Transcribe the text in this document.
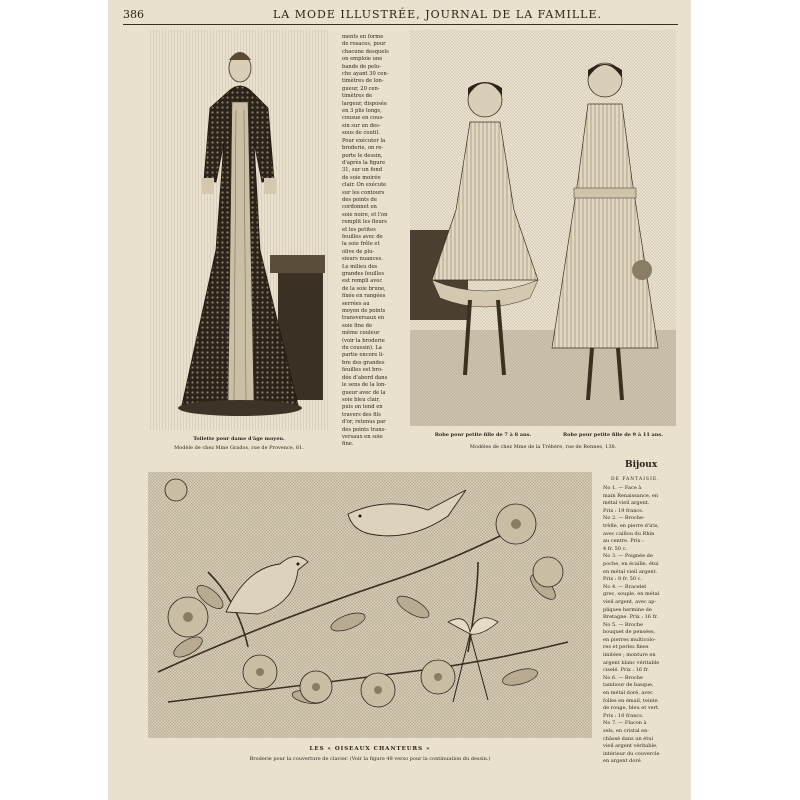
386	LA MODE ILLUSTRÉE, JOURNAL DE LA FAMILLE.
Toilette pour dame d'âge moyen.
Modèle de chez Mme Grados, rue de Provence, 61.
ments en forme
de rosaces, pour
chacune desquels
on emploie une
bande de pelu-
che ayant 30 cen-
timètres de lon-
gueur, 20 cen-
timètres de
largeur, disposée
en 3 plis longs,
cousue en cous-
sin sur un des-
sous de coutil.
Pour exécuter la
broderie, on re-
porte le dessin,
d'après la figure
31, sur un fond
de soie moirée
clair. On exécute
sur les contours
des points de
cordonnet en
soie noire, et l'on
remplit les fleurs
et les petites
feuilles avec de
la soie frêle et
olive de plu-
sieurs nuances.
Le milieu des
grandes feuilles
est rempli avec
de la soie brune,
fixée en rangées
serrées au
moyen de points
transversaux en
soie fine de
même couleur
(voir la broderie
du coussin). La
partie encore li-
bre des grandes
feuilles est bro-
dée d'abord dans
le sens de la lon-
gueur avec de la
soie bleu clair,
puis on tend en
travers des fils
d'or, retenus par
des points trans-
versaux en soie
fine.
Robe pour petite fille de 7 à 8 ans.	Robe pour petite fille de 9 à 11 ans.
Modèles de chez Mme de la Tréhère, rue de Rennes, 138.
LES « OISEAUX CHANTEURS »
Broderie pour la couverture de clavier. (Voir la figure 48 verso pour la continuation du dessin.)
Bijoux
DE FANTAISIE.
No 1. — Face à
main Renaissance, en
métal vieil argent.
Prix : 19 francs.
No 2. — Broche-
trèfle, en pierre d'iris,
avec caillou du Rhin
au centre. Prix :
4 fr. 50 c.
No 3. — Poignée de
poche, en écaille, étui
en métal vieil argent.
Prix : 8 fr. 50 c.
No 4. — Bracelet
grec, souple, en métal
vieil argent, avec ap-
pliques hermine de
Bretagne. Prix : 16 fr.
No 5. — Broche
bouquet de pensées,
en pierres multicolo-
res et perles fines
imitées ; monture en
argent blanc véritable
ciselé. Prix : 16 fr.
No 6. — Broche
tambour de basque,
en métal doré, avec
folles en émail, teinte
de rouge, bleu et vert.
Prix : 10 francs.
No 7. — Flacon à
sels, en cristal en-
châssé dans un étui
vieil argent véritable,
intérieur du couvercle
en argent doré
